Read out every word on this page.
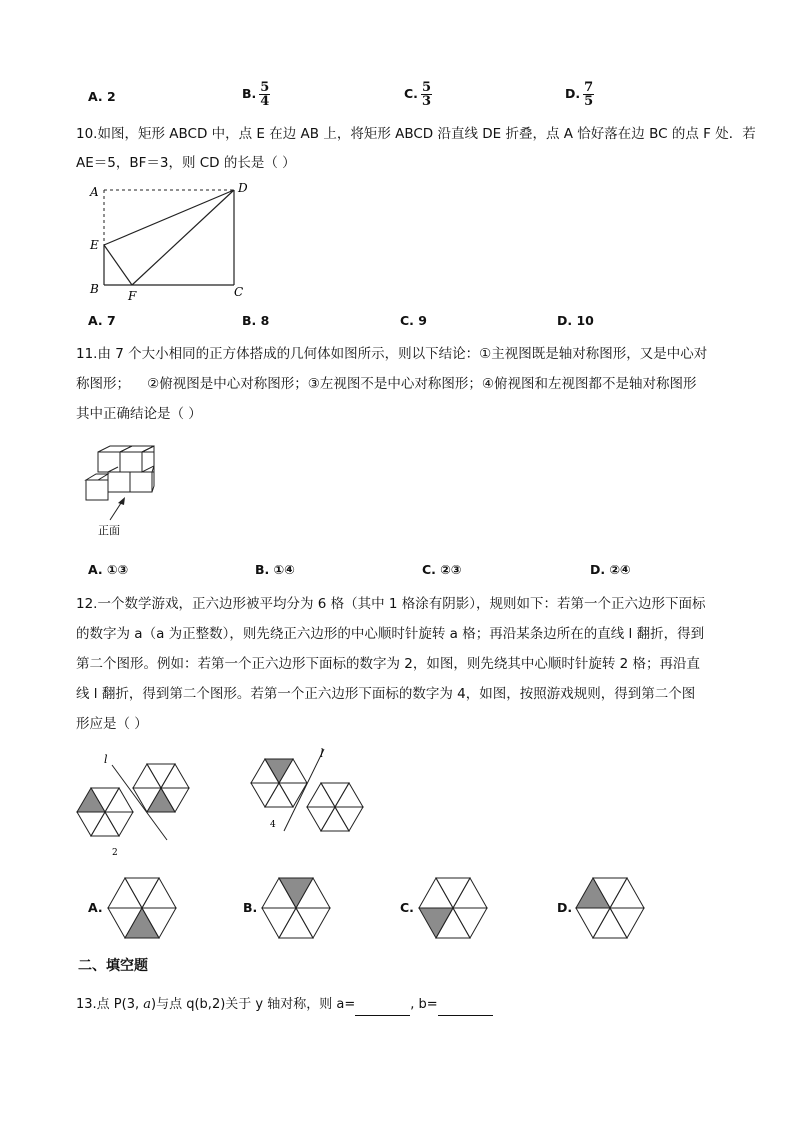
A. 2	B. $\frac{5}{4}$	C. $\frac{5}{3}$	D. $\frac{7}{5}$
10.如图，矩形 ABCD 中，点 E 在边 AB 上，将矩形 ABCD 沿直线 DE 折叠，点 A 恰好落在边 BC 的点 F 处．若
AE＝5，BF＝3，则 CD 的长是（ ）
A	D
E
B F	C
A. 7	B. 8	C. 9	D. 10
11.由 7 个大小相同的正方体搭成的几何体如图所示，则以下结论：①主视图既是轴对称图形，又是中心对
称图形； ②俯视图是中心对称图形；③左视图不是中心对称图形；④俯视图和左视图都不是轴对称图形
其中正确结论是（ ）
正面
A. ①③	B. ①④	C. ②③	D. ②④
12.一个数学游戏，正六边形被平均分为 6 格（其中 1 格涂有阴影），规则如下：若第一个正六边形下面标
的数字为 a（a 为正整数），则先绕正六边形的中心顺时针旋转 a 格；再沿某条边所在的直线 l 翻折，得到
第二个图形。例如：若第一个正六边形下面标的数字为 2，如图，则先绕其中心顺时针旋转 2 格；再沿直
线 l 翻折，得到第二个图形。若第一个正六边形下面标的数字为 4，如图，按照游戏规则，得到第二个图
形应是（ ）
l
2
l
4
A.	B.	C.	D.
二、填空题
13.点 P(3, a)与点 q(b,2)关于 y 轴对称，则 a=	, b=
